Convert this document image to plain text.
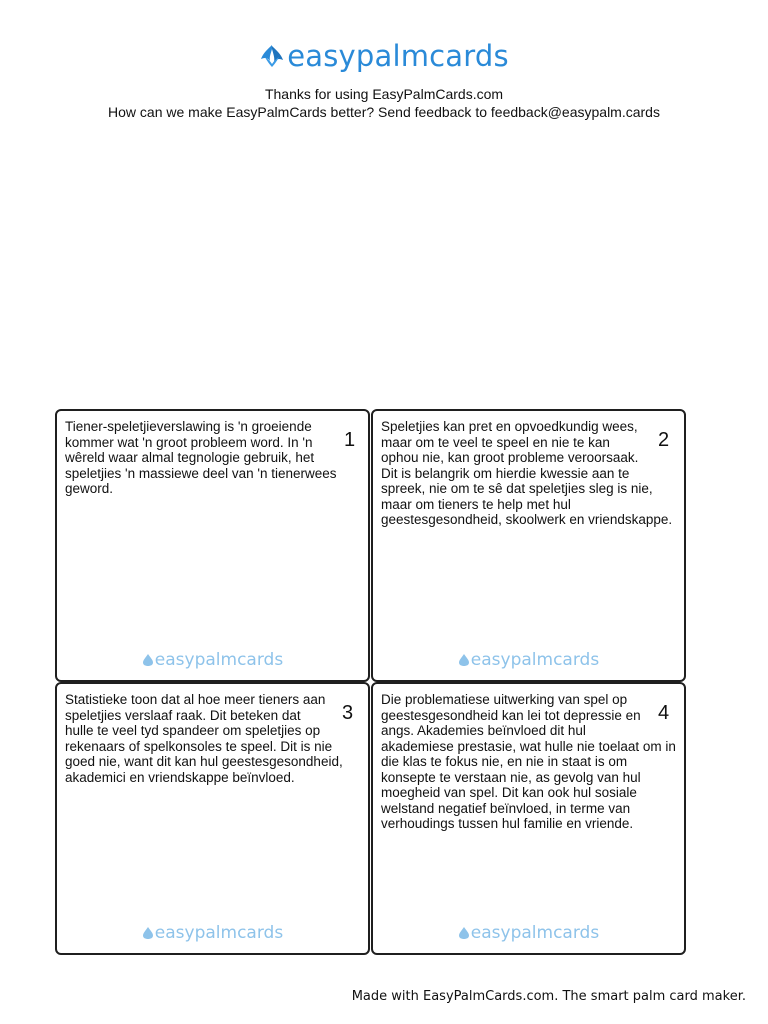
easypalmcards
Thanks for using EasyPalmCards.com
How can we make EasyPalmCards better? Send feedback to feedback@easypalm.cards
Tiener-speletjieverslawing is 'n groeiende
kommer wat 'n groot probleem word. In 'n
wêreld waar almal tegnologie gebruik, het
speletjies 'n massiewe deel van 'n tienerwees
geword.
1
easypalmcards
Speletjies kan pret en opvoedkundig wees,
maar om te veel te speel en nie te kan
ophou nie, kan groot probleme veroorsaak.
Dit is belangrik om hierdie kwessie aan te
spreek, nie om te sê dat speletjies sleg is nie,
maar om tieners te help met hul
geestesgesondheid, skoolwerk en vriendskappe.
2
easypalmcards
Statistieke toon dat al hoe meer tieners aan
speletjies verslaaf raak. Dit beteken dat
hulle te veel tyd spandeer om speletjies op
rekenaars of spelkonsoles te speel. Dit is nie
goed nie, want dit kan hul geestesgesondheid,
akademici en vriendskappe beïnvloed.
3
easypalmcards
Die problematiese uitwerking van spel op
geestesgesondheid kan lei tot depressie en
angs. Akademies beïnvloed dit hul
akademiese prestasie, wat hulle nie toelaat om in
die klas te fokus nie, en nie in staat is om
konsepte te verstaan nie, as gevolg van hul
moegheid van spel. Dit kan ook hul sosiale
welstand negatief beïnvloed, in terme van
verhoudings tussen hul familie en vriende.
4
easypalmcards
Made with EasyPalmCards.com. The smart palm card maker.
